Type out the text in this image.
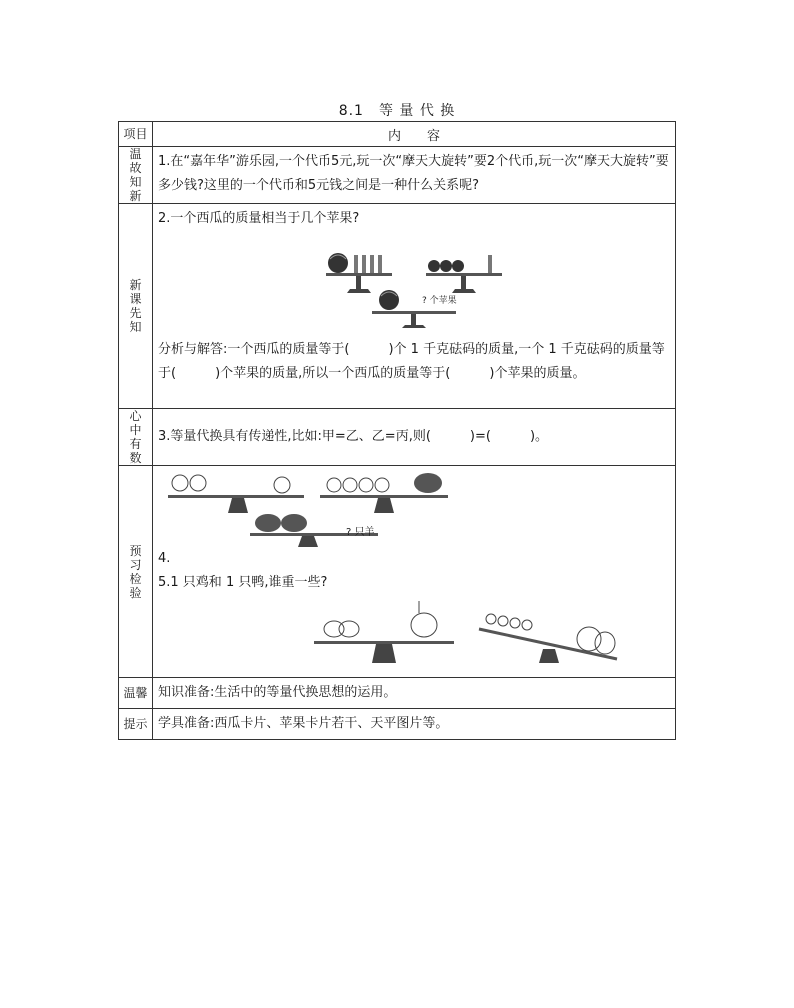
8.1　等 量 代 换
项目	内　　容
温故知新	1.在“嘉年华”游乐园,一个代币5元,玩一次“摩天大旋转”要2个代币,玩一次“摩天大旋转”要多少钱?这里的一个代币和5元钱之间是一种什么关系呢?
新课先知	2.一个西瓜的质量相当于几个苹果?
? 个苹果
分析与解答:一个西瓜的质量等于(　　　 )个 1 千克砝码的质量,一个 1 千克砝码的质量等于(　　　 )个苹果的质量,所以一个西瓜的质量等于(　　　 )个苹果的质量。

心中有数	3.等量代换具有传递性,比如:甲=乙、乙=丙,则(　　　 )=(　　　 )。
预习检验	? 只羊
4.
5.1 只鸡和 1 只鸭,谁重一些?

温馨	知识准备:生活中的等量代换思想的运用。
提示	学具准备:西瓜卡片、苹果卡片若干、天平图片等。
